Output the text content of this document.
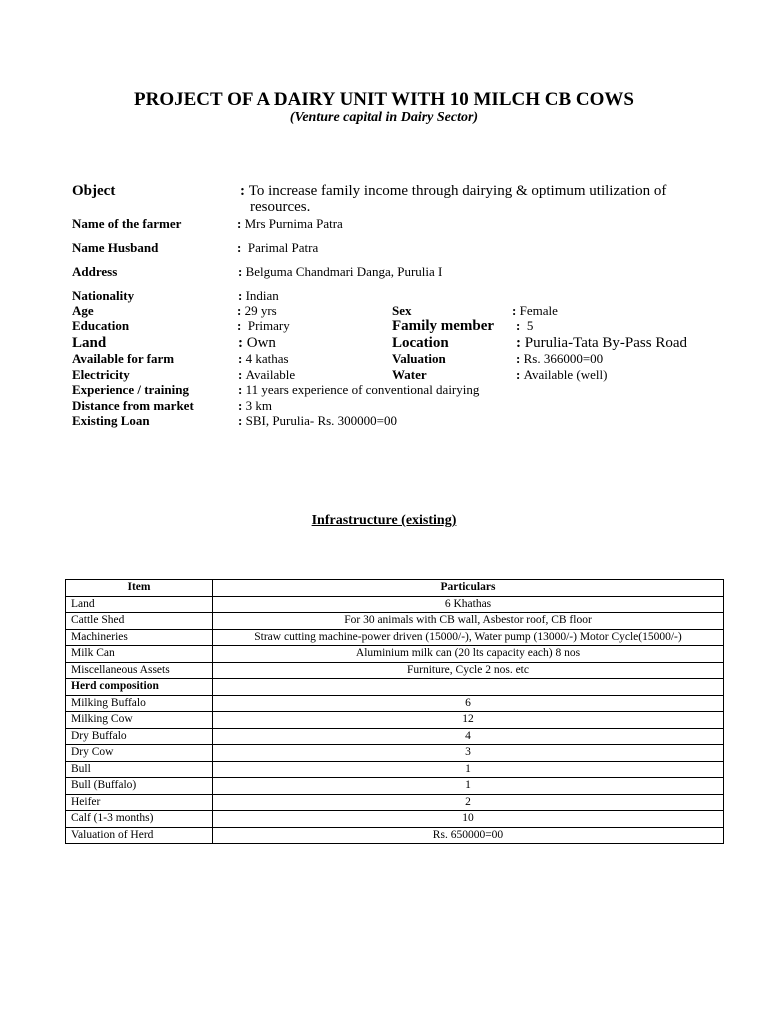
PROJECT OF A DAIRY UNIT WITH 10 MILCH CB COWS
(Venture capital in Dairy Sector)
Object	: To increase family income through dairying & optimum utilization of
resources.
Name of the farmer	: Mrs Purnima Patra
Name Husband	:  Parimal Patra
Address	: Belguma Chandmari Danga, Purulia I
Nationality	: Indian
Age	: 29 yrs	Sex	: Female
Education	:  Primary	Family member :  5
Land	: Own	Location	: Purulia-Tata By-Pass Road
Available for farm	: 4 kathas	Valuation	: Rs. 366000=00
Electricity	: Available	Water	: Available (well)
Experience / training	: 11 years experience of conventional dairying
Distance from market	: 3 km
Existing Loan	: SBI, Purulia- Rs. 300000=00
Infrastructure (existing)
Item	Particulars
Land	6 Khathas
Cattle Shed	For 30 animals with CB wall, Asbestor roof, CB floor
Machineries	Straw cutting machine-power driven (15000/-), Water pump (13000/-) Motor Cycle(15000/-)
Milk Can	Aluminium milk can (20 lts capacity each) 8 nos
Miscellaneous Assets	Furniture, Cycle 2 nos. etc
Herd composition	
Milking Buffalo	6
Milking Cow	12
Dry Buffalo	4
Dry Cow	3
Bull	1
Bull (Buffalo)	1
Heifer	2
Calf (1-3 months)	10
Valuation of Herd	Rs. 650000=00
